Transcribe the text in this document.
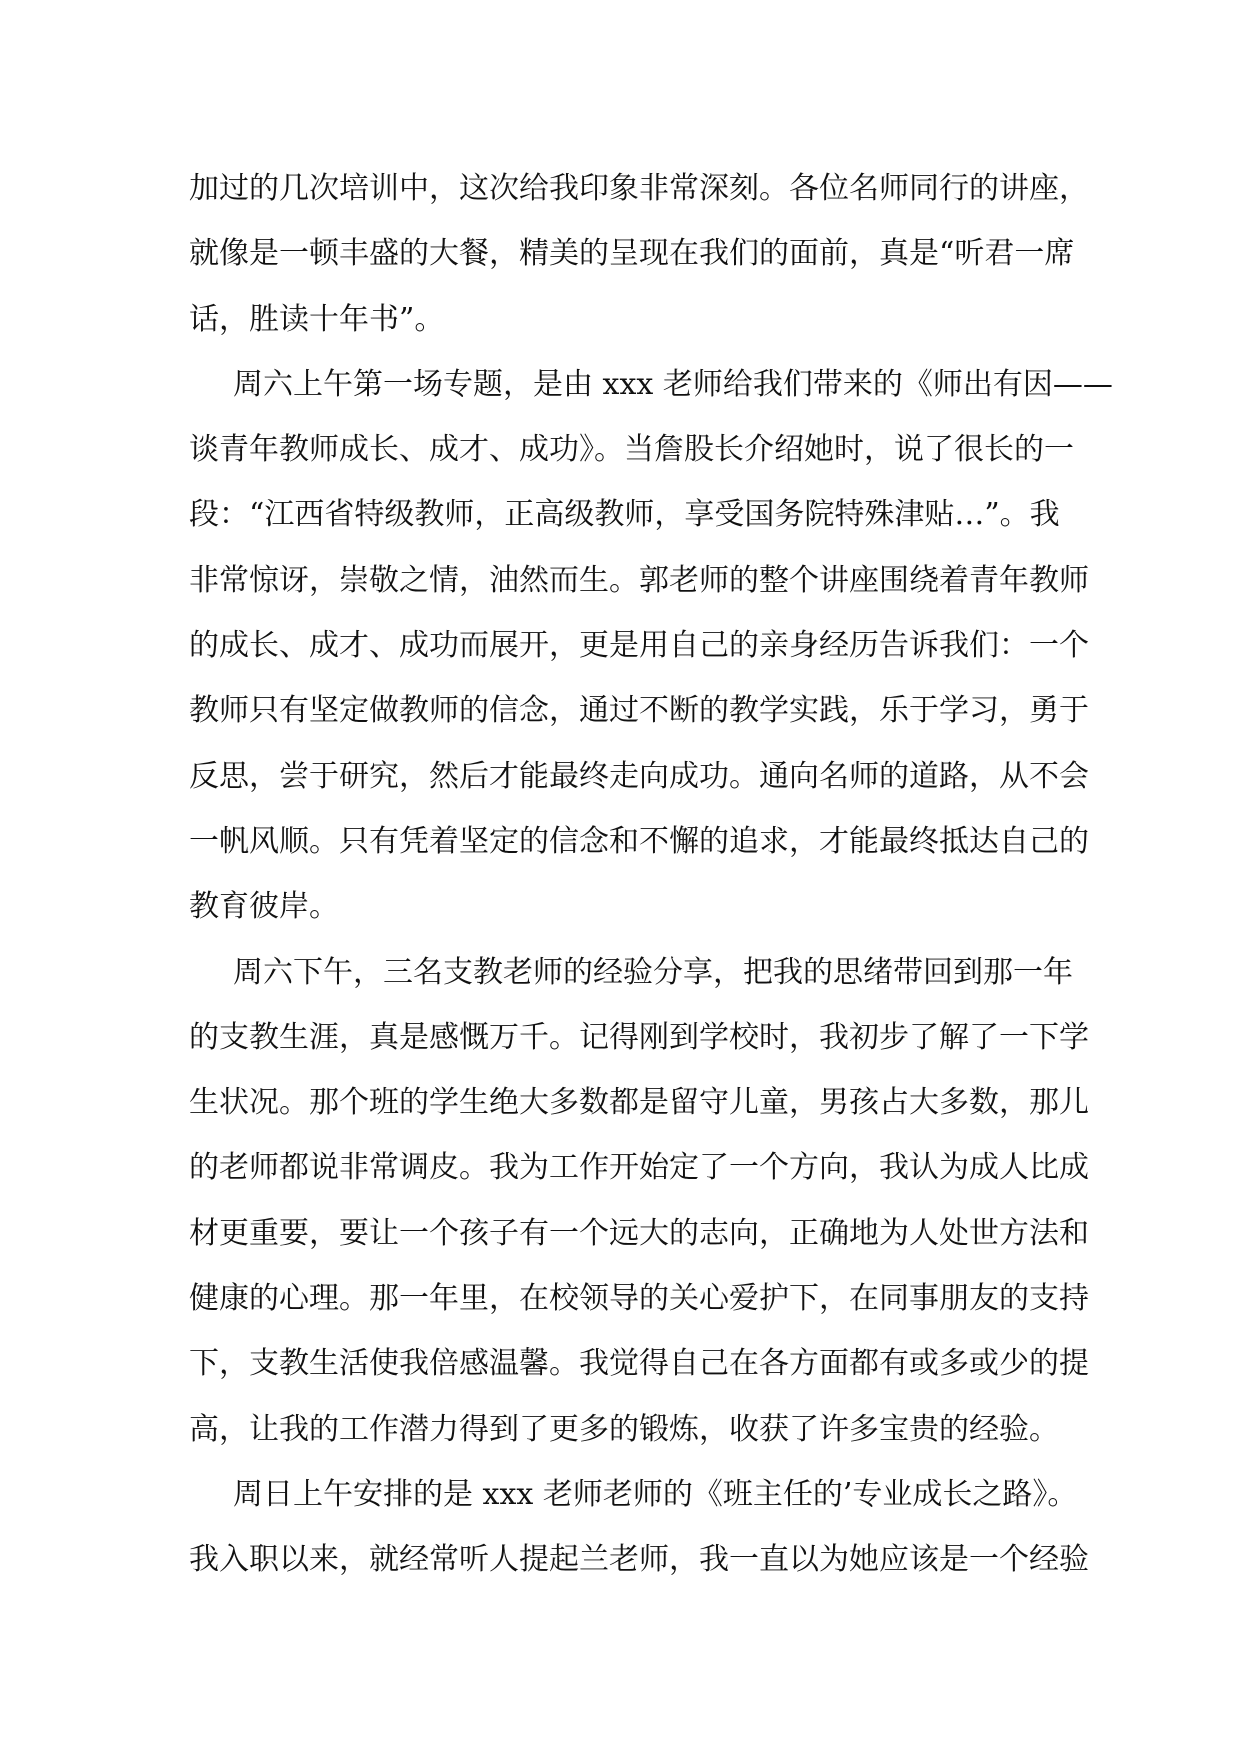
加过的几次培训中，这次给我印象非常深刻。各位名师同行的讲座，
就像是一顿丰盛的大餐，精美的呈现在我们的面前，真是“听君一席
话，胜读十年书”。
周六上午第一场专题，是由 xxx 老师给我们带来的《师出有因——
谈青年教师成长、成才、成功》。当詹股长介绍她时，说了很长的一
段：“江西省特级教师，正高级教师，享受国务院特殊津贴…”。我
非常惊讶，崇敬之情，油然而生。郭老师的整个讲座围绕着青年教师
的成长、成才、成功而展开，更是用自己的亲身经历告诉我们：一个
教师只有坚定做教师的信念，通过不断的教学实践，乐于学习，勇于
反思，尝于研究，然后才能最终走向成功。通向名师的道路，从不会
一帆风顺。只有凭着坚定的信念和不懈的追求，才能最终抵达自己的
教育彼岸。
周六下午，三名支教老师的经验分享，把我的思绪带回到那一年
的支教生涯，真是感慨万千。记得刚到学校时，我初步了解了一下学
生状况。那个班的学生绝大多数都是留守儿童，男孩占大多数，那儿
的老师都说非常调皮。我为工作开始定了一个方向，我认为成人比成
材更重要，要让一个孩子有一个远大的志向，正确地为人处世方法和
健康的心理。那一年里，在校领导的关心爱护下，在同事朋友的支持
下，支教生活使我倍感温馨。我觉得自己在各方面都有或多或少的提
高，让我的工作潜力得到了更多的锻炼，收获了许多宝贵的经验。
周日上午安排的是 xxx 老师老师的《班主任的’专业成长之路》。
我入职以来，就经常听人提起兰老师，我一直以为她应该是一个经验
